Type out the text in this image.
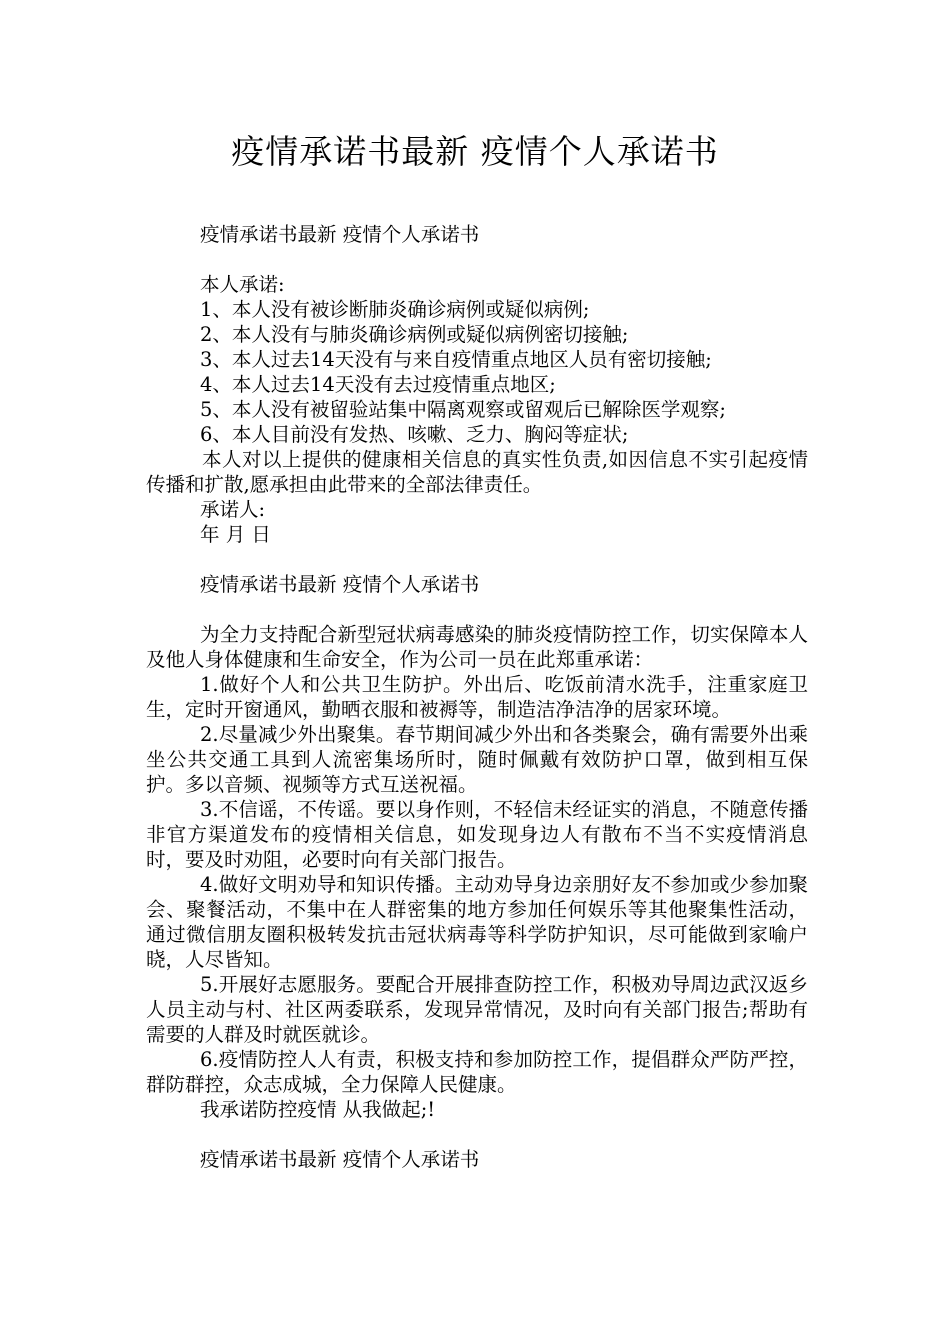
疫情承诺书最新 疫情个人承诺书

疫情承诺书最新 疫情个人承诺书

本人承诺:

1、本人没有被诊断肺炎确诊病例或疑似病例;

2、本人没有与肺炎确诊病例或疑似病例密切接触;

3、本人过去14天没有与来自疫情重点地区人员有密切接触;

4、本人过去14天没有去过疫情重点地区;

5、本人没有被留验站集中隔离观察或留观后已解除医学观察;

6、本人目前没有发热、咳嗽、乏力、胸闷等症状;

本人对以上提供的健康相关信息的真实性负责,如因信息不实引起疫情传播和扩散,愿承担由此带来的全部法律责任。

承诺人:

年 月 日

疫情承诺书最新 疫情个人承诺书

为全力支持配合新型冠状病毒感染的肺炎疫情防控工作，切实保障本人及他人身体健康和生命安全，作为公司一员在此郑重承诺：

1.做好个人和公共卫生防护。外出后、吃饭前清水洗手，注重家庭卫生，定时开窗通风，勤晒衣服和被褥等，制造洁净洁净的居家环境。

2.尽量减少外出聚集。春节期间减少外出和各类聚会，确有需要外出乘坐公共交通工具到人流密集场所时，随时佩戴有效防护口罩，做到相互保护。多以音频、视频等方式互送祝福。

3.不信谣，不传谣。要以身作则，不轻信未经证实的消息，不随意传播非官方渠道发布的疫情相关信息，如发现身边人有散布不当不实疫情消息时，要及时劝阻，必要时向有关部门报告。

4.做好文明劝导和知识传播。主动劝导身边亲朋好友不参加或少参加聚会、聚餐活动，不集中在人群密集的地方参加任何娱乐等其他聚集性活动，通过微信朋友圈积极转发抗击冠状病毒等科学防护知识，尽可能做到家喻户晓，人尽皆知。

5.开展好志愿服务。要配合开展排查防控工作，积极劝导周边武汉返乡人员主动与村、社区两委联系，发现异常情况，及时向有关部门报告;帮助有需要的人群及时就医就诊。

6.疫情防控人人有责，积极支持和参加防控工作，提倡群众严防严控，群防群控，众志成城，全力保障人民健康。

我承诺防控疫情 从我做起;!

疫情承诺书最新 疫情个人承诺书
